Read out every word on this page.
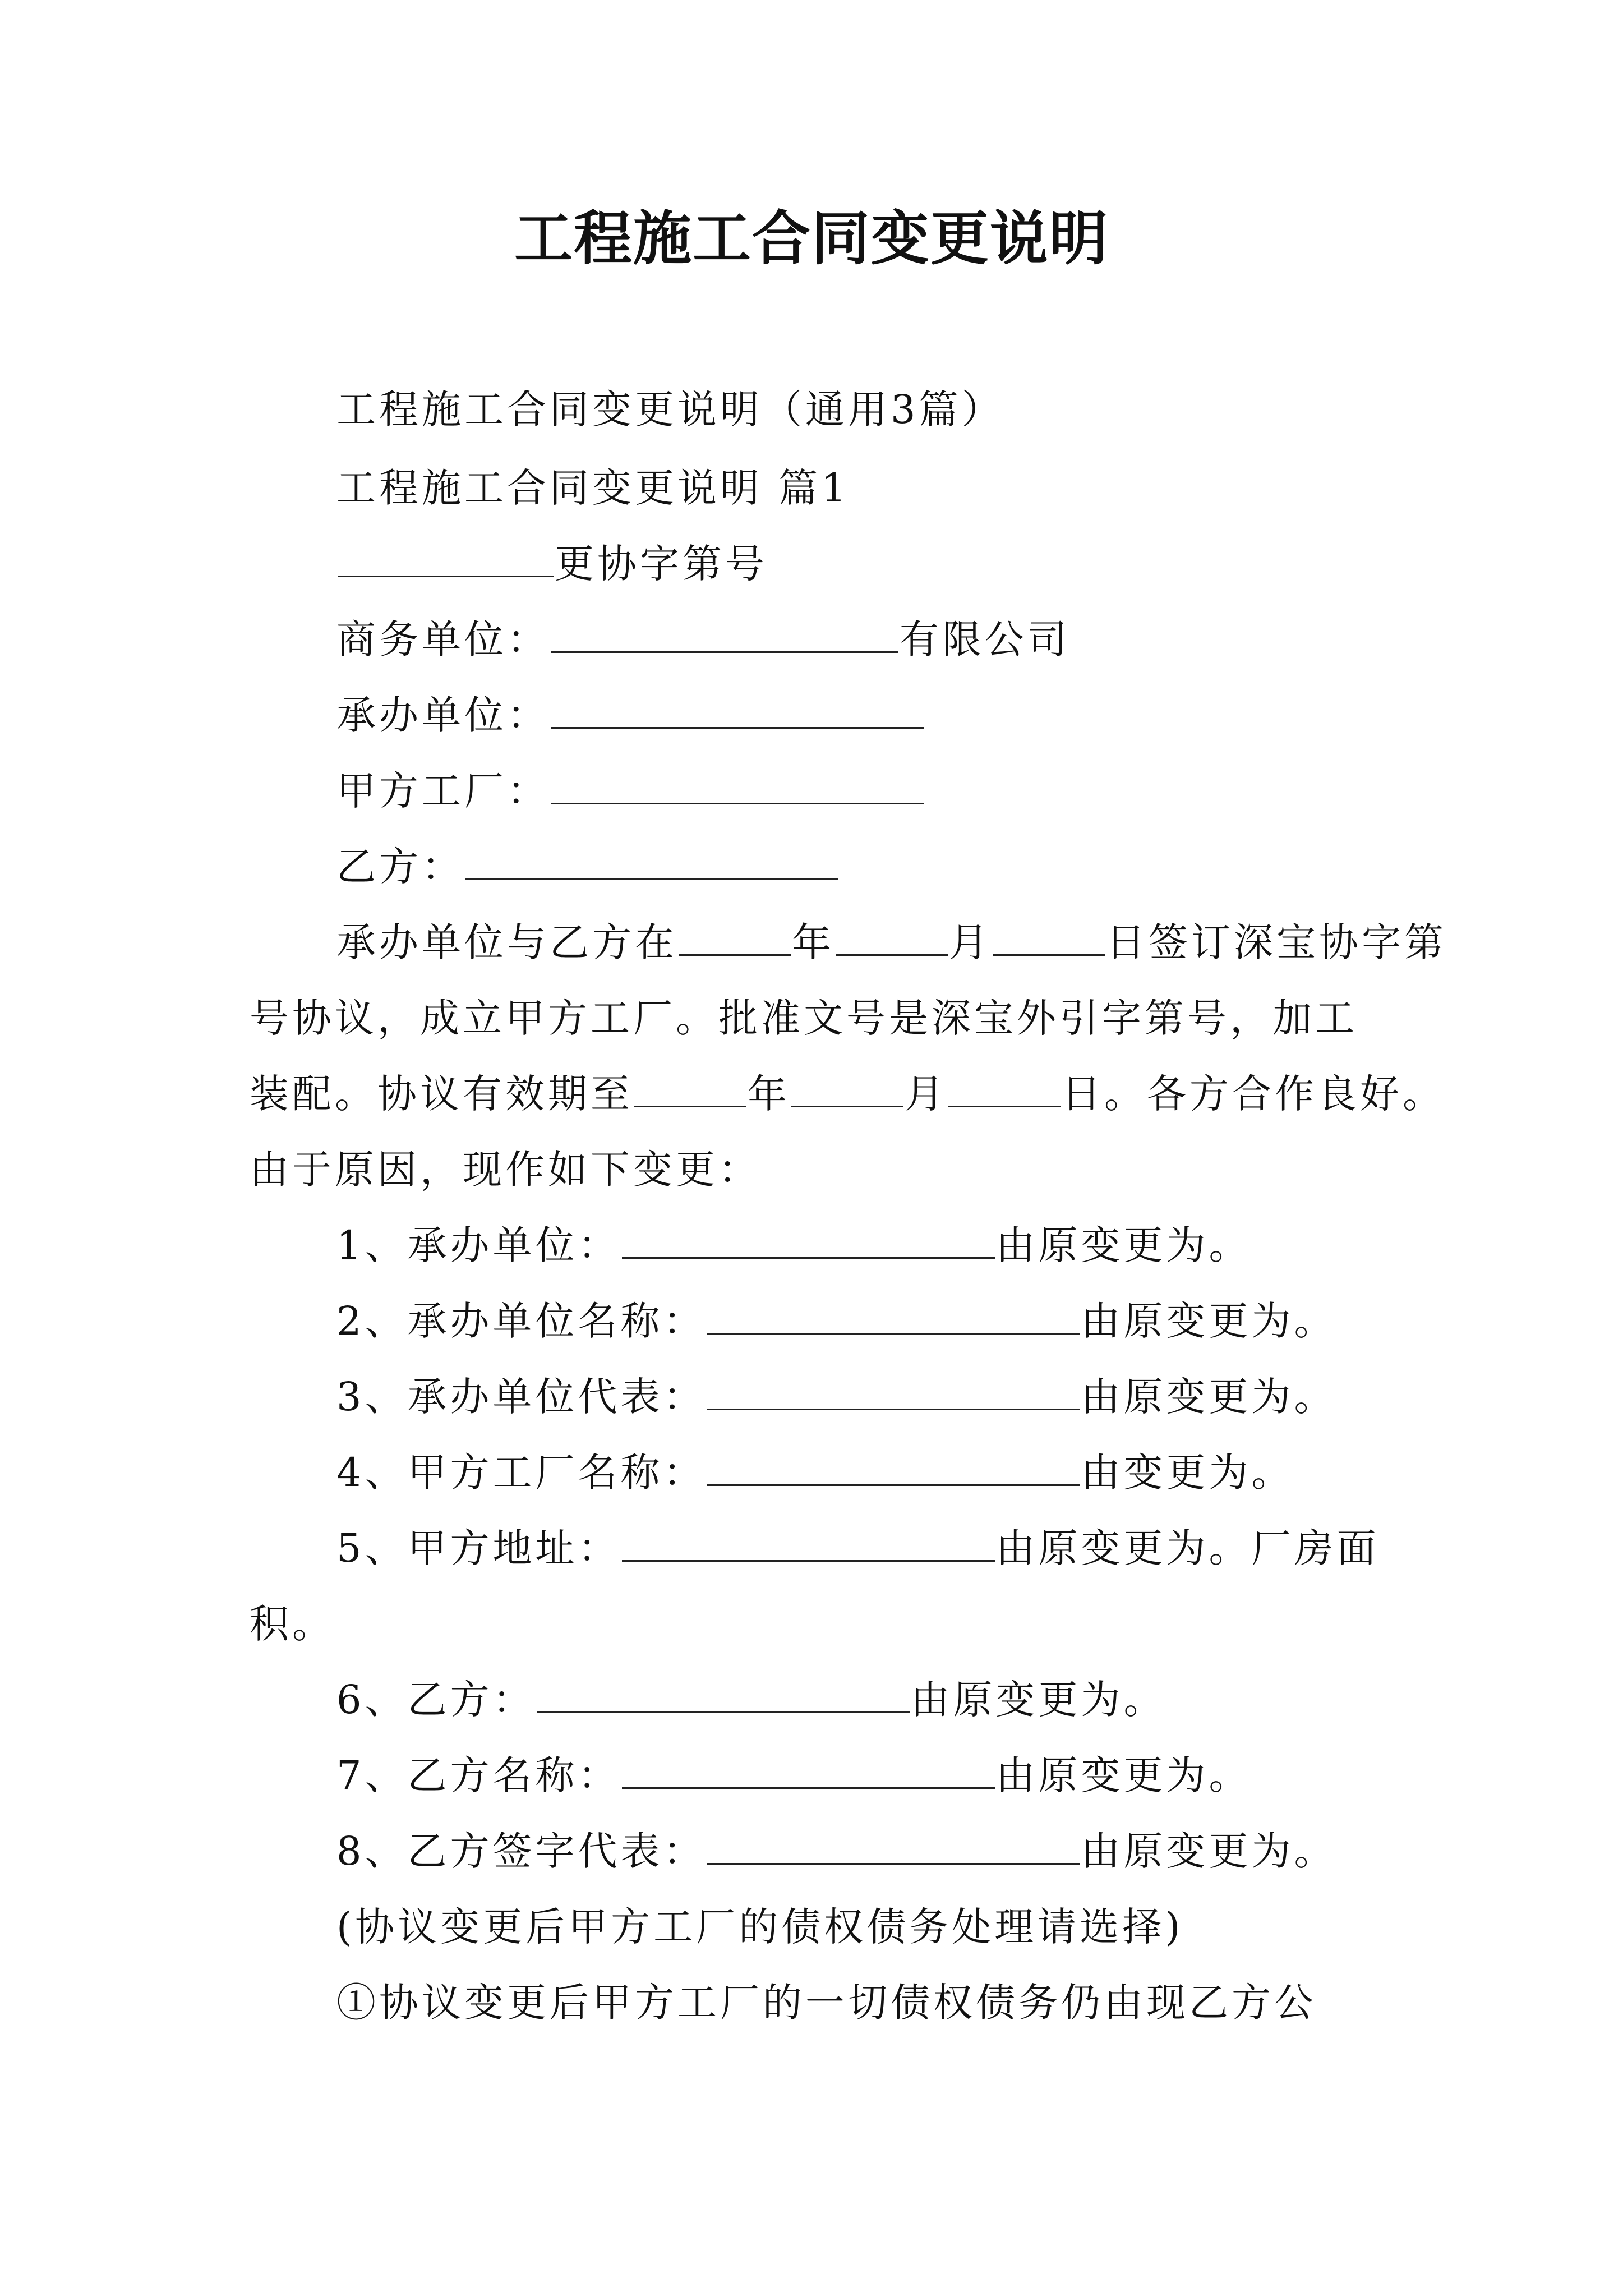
工程施工合同变更说明
工程施工合同变更说明（通用3篇）
工程施工合同变更说明 篇1
更协字第号
商务单位：	有限公司
承办单位：
甲方工厂：
乙方：
承办单位与乙方在	年	月	日签订深宝协字第
号协议，成立甲方工厂。批准文号是深宝外引字第号，加工
装配。协议有效期至	年	月	日。各方合作良好。
由于原因，现作如下变更：
1、承办单位：	由原变更为。
2、承办单位名称：	由原变更为。
3、承办单位代表：	由原变更为。
4、甲方工厂名称：	由变更为。
5、甲方地址：	由原变更为。厂房面
积。
6、乙方：	由原变更为。
7、乙方名称：	由原变更为。
8、乙方签字代表：	由原变更为。
(协议变更后甲方工厂的债权债务处理请选择)
①协议变更后甲方工厂的一切债权债务仍由现乙方公
